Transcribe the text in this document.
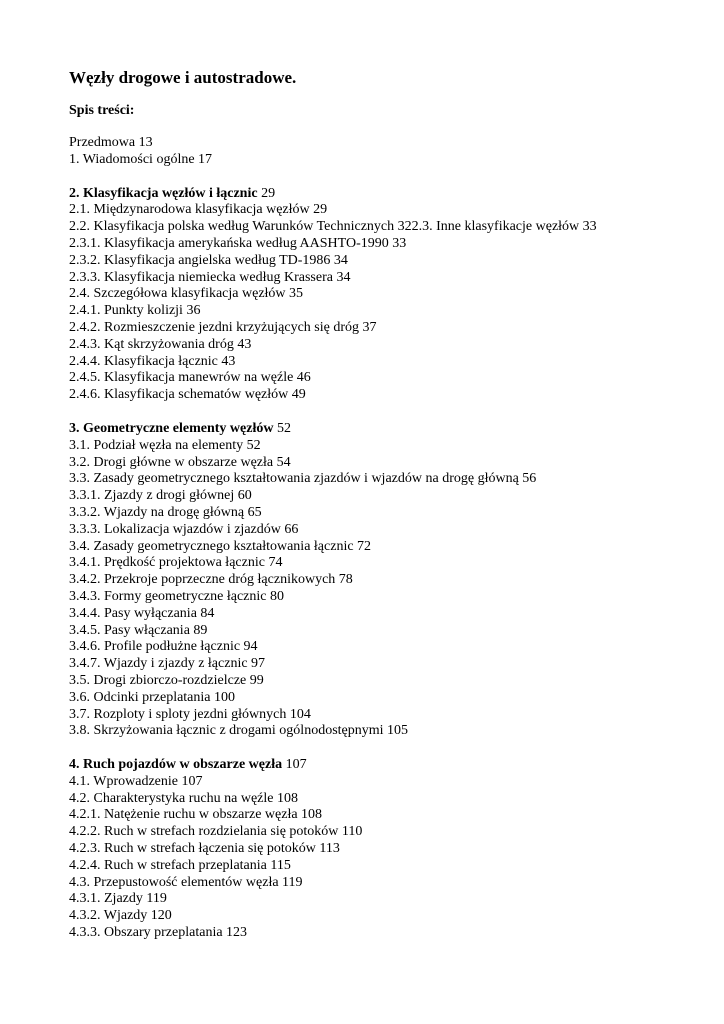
Węzły drogowe i autostradowe.
Spis treści:
Przedmowa 13
1. Wiadomości ogólne 17
2. Klasyfikacja węzłów i łącznic 29
2.1. Międzynarodowa klasyfikacja węzłów 29
2.2. Klasyfikacja polska według Warunków Technicznych 322.3. Inne klasyfikacje węzłów 33
2.3.1. Klasyfikacja amerykańska według AASHTO-1990 33
2.3.2. Klasyfikacja angielska według TD-1986 34
2.3.3. Klasyfikacja niemiecka według Krassera 34
2.4. Szczegółowa klasyfikacja węzłów 35
2.4.1. Punkty kolizji 36
2.4.2. Rozmieszczenie jezdni krzyżujących się dróg 37
2.4.3. Kąt skrzyżowania dróg 43
2.4.4. Klasyfikacja łącznic 43
2.4.5. Klasyfikacja manewrów na węźle 46
2.4.6. Klasyfikacja schematów węzłów 49
3. Geometryczne elementy węzłów 52
3.1. Podział węzła na elementy 52
3.2. Drogi główne w obszarze węzła 54
3.3. Zasady geometrycznego kształtowania zjazdów i wjazdów na drogę główną 56
3.3.1. Zjazdy z drogi głównej 60
3.3.2. Wjazdy na drogę główną 65
3.3.3. Lokalizacja wjazdów i zjazdów 66
3.4. Zasady geometrycznego kształtowania łącznic 72
3.4.1. Prędkość projektowa łącznic 74
3.4.2. Przekroje poprzeczne dróg łącznikowych 78
3.4.3. Formy geometryczne łącznic 80
3.4.4. Pasy wyłączania 84
3.4.5. Pasy włączania 89
3.4.6. Profile podłużne łącznic 94
3.4.7. Wjazdy i zjazdy z łącznic 97
3.5. Drogi zbiorczo-rozdzielcze 99
3.6. Odcinki przeplatania 100
3.7. Rozploty i sploty jezdni głównych 104
3.8. Skrzyżowania łącznic z drogami ogólnodostępnymi 105
4. Ruch pojazdów w obszarze węzła 107
4.1. Wprowadzenie 107
4.2. Charakterystyka ruchu na węźle 108
4.2.1. Natężenie ruchu w obszarze węzła 108
4.2.2. Ruch w strefach rozdzielania się potoków 110
4.2.3. Ruch w strefach łączenia się potoków 113
4.2.4. Ruch w strefach przeplatania 115
4.3. Przepustowość elementów węzła 119
4.3.1. Zjazdy 119
4.3.2. Wjazdy 120
4.3.3. Obszary przeplatania 123
